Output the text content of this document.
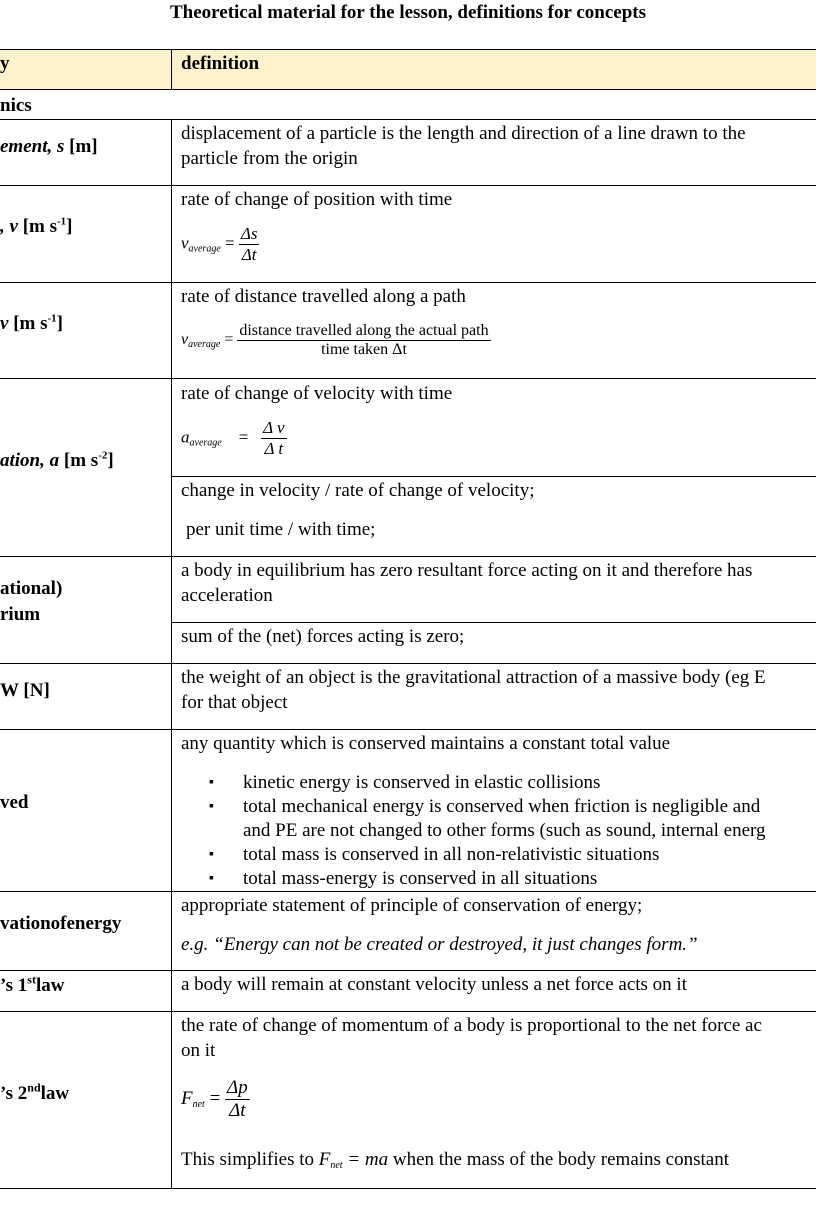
Theoretical material for the lesson, definitions for concepts
y	definition
nics
ement, s [m]
displacement of a particle is the length and direction of a line drawn to the
particle from the origin
, v [m $s^{-1}$]
rate of change of position with time
$v_{average} = \frac{\Delta s}{\Delta t}$
v [m $s^{-1}$]
rate of distance travelled along a path
$v_{average} = \frac{\text{distance travelled along the actual path}}{\text{time taken Δt}}$
ation, a [m $s^{-2}$]
rate of change of velocity with time
$a_{average}$    = $\frac{\text{Δ v}}{\text{Δ t}}$
change in velocity / rate of change of velocity;
per unit time / with time;
ational)
rium
a body in equilibrium has zero resultant force acting on it and therefore has
acceleration
sum of the (net) forces acting is zero;
W [N]
the weight of an object is the gravitational attraction of a massive body (eg E
for that object
ved
any quantity which is conserved maintains a constant total value
▪ kinetic energy is conserved in elastic collisions
▪ total mechanical energy is conserved when friction is negligible and
and PE are not changed to other forms (such as sound, internal energ
▪ total mass is conserved in all non-relativistic situations
▪ total mass-energy is conserved in all situations
vationofenergy
appropriate statement of principle of conservation of energy;
e.g. “Energy can not be created or destroyed, it just changes form.”
’s 1stlaw	a body will remain at constant velocity unless a net force acts on it
’s 2ndlaw
the rate of change of momentum of a body is proportional to the net force ac
on it
$F_{net} = \frac{\Delta p}{\Delta t}$
This simplifies to $F_{net}$ = ma when the mass of the body remains constant
